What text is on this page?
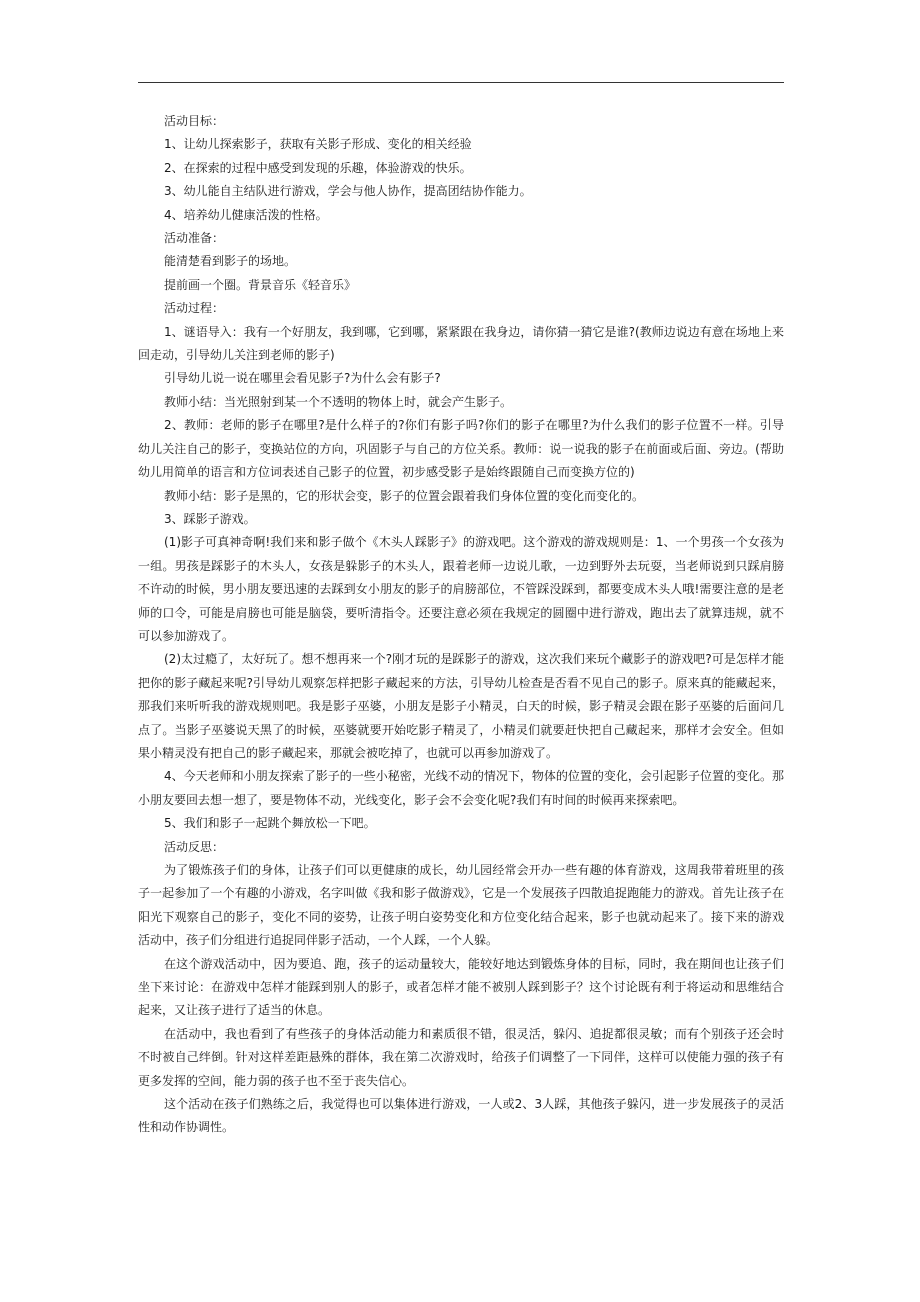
活动目标：

1、让幼儿探索影子，获取有关影子形成、变化的相关经验

2、在探索的过程中感受到发现的乐趣，体验游戏的快乐。

3、幼儿能自主结队进行游戏，学会与他人协作，提高团结协作能力。

4、培养幼儿健康活泼的性格。

活动准备：

能清楚看到影子的场地。

提前画一个圈。背景音乐《轻音乐》

活动过程：

1、谜语导入：我有一个好朋友，我到哪，它到哪，紧紧跟在我身边，请你猜一猜它是谁?(教师边说边有意在场地上来回走动，引导幼儿关注到老师的影子)

引导幼儿说一说在哪里会看见影子?为什么会有影子?

教师小结：当光照射到某一个不透明的物体上时，就会产生影子。

2、教师：老师的影子在哪里?是什么样子的?你们有影子吗?你们的影子在哪里?为什么我们的影子位置不一样。引导幼儿关注自己的影子，变换站位的方向，巩固影子与自己的方位关系。教师：说一说我的影子在前面或后面、旁边。(帮助幼儿用简单的语言和方位词表述自己影子的位置，初步感受影子是始终跟随自己而变换方位的)

教师小结：影子是黑的，它的形状会变，影子的位置会跟着我们身体位置的变化而变化的。

3、踩影子游戏。

(1)影子可真神奇啊!我们来和影子做个《木头人踩影子》的游戏吧。这个游戏的游戏规则是：1、一个男孩一个女孩为一组。男孩是踩影子的木头人，女孩是躲影子的木头人，跟着老师一边说儿歌，一边到野外去玩耍，当老师说到只踩肩膀不许动的时候，男小朋友要迅速的去踩到女小朋友的影子的肩膀部位，不管踩没踩到，都要变成木头人哦!需要注意的是老师的口令，可能是肩膀也可能是脑袋，要听清指令。还要注意必须在我规定的圆圈中进行游戏，跑出去了就算违规，就不可以参加游戏了。

(2)太过瘾了，太好玩了。想不想再来一个?刚才玩的是踩影子的游戏，这次我们来玩个藏影子的游戏吧?可是怎样才能把你的影子藏起来呢?引导幼儿观察怎样把影子藏起来的方法，引导幼儿检查是否看不见自己的影子。原来真的能藏起来，那我们来听听我的游戏规则吧。我是影子巫婆，小朋友是影子小精灵，白天的时候，影子精灵会跟在影子巫婆的后面问几点了。当影子巫婆说天黑了的时候，巫婆就要开始吃影子精灵了，小精灵们就要赶快把自己藏起来，那样才会安全。但如果小精灵没有把自己的影子藏起来，那就会被吃掉了，也就可以再参加游戏了。

4、今天老师和小朋友探索了影子的一些小秘密，光线不动的情况下，物体的位置的变化，会引起影子位置的变化。那小朋友要回去想一想了，要是物体不动，光线变化，影子会不会变化呢?我们有时间的时候再来探索吧。

5、我们和影子一起跳个舞放松一下吧。

活动反思：

为了锻炼孩子们的身体，让孩子们可以更健康的成长，幼儿园经常会开办一些有趣的体育游戏，这周我带着班里的孩子一起参加了一个有趣的小游戏，名字叫做《我和影子做游戏》，它是一个发展孩子四散追捉跑能力的游戏。首先让孩子在阳光下观察自己的影子，变化不同的姿势，让孩子明白姿势变化和方位变化结合起来，影子也就动起来了。接下来的游戏活动中，孩子们分组进行追捉同伴影子活动，一个人踩，一个人躲。

在这个游戏活动中，因为要追、跑，孩子的运动量较大，能较好地达到锻炼身体的目标，同时，我在期间也让孩子们坐下来讨论：在游戏中怎样才能踩到别人的影子，或者怎样才能不被别人踩到影子？这个讨论既有利于将运动和思维结合起来，又让孩子进行了适当的休息。

在活动中，我也看到了有些孩子的身体活动能力和素质很不错，很灵活，躲闪、追捉都很灵敏；而有个别孩子还会时不时被自己绊倒。针对这样差距悬殊的群体，我在第二次游戏时，给孩子们调整了一下同伴，这样可以使能力强的孩子有更多发挥的空间，能力弱的孩子也不至于丧失信心。

这个活动在孩子们熟练之后，我觉得也可以集体进行游戏，一人或2、3人踩，其他孩子躲闪，进一步发展孩子的灵活性和动作协调性。
